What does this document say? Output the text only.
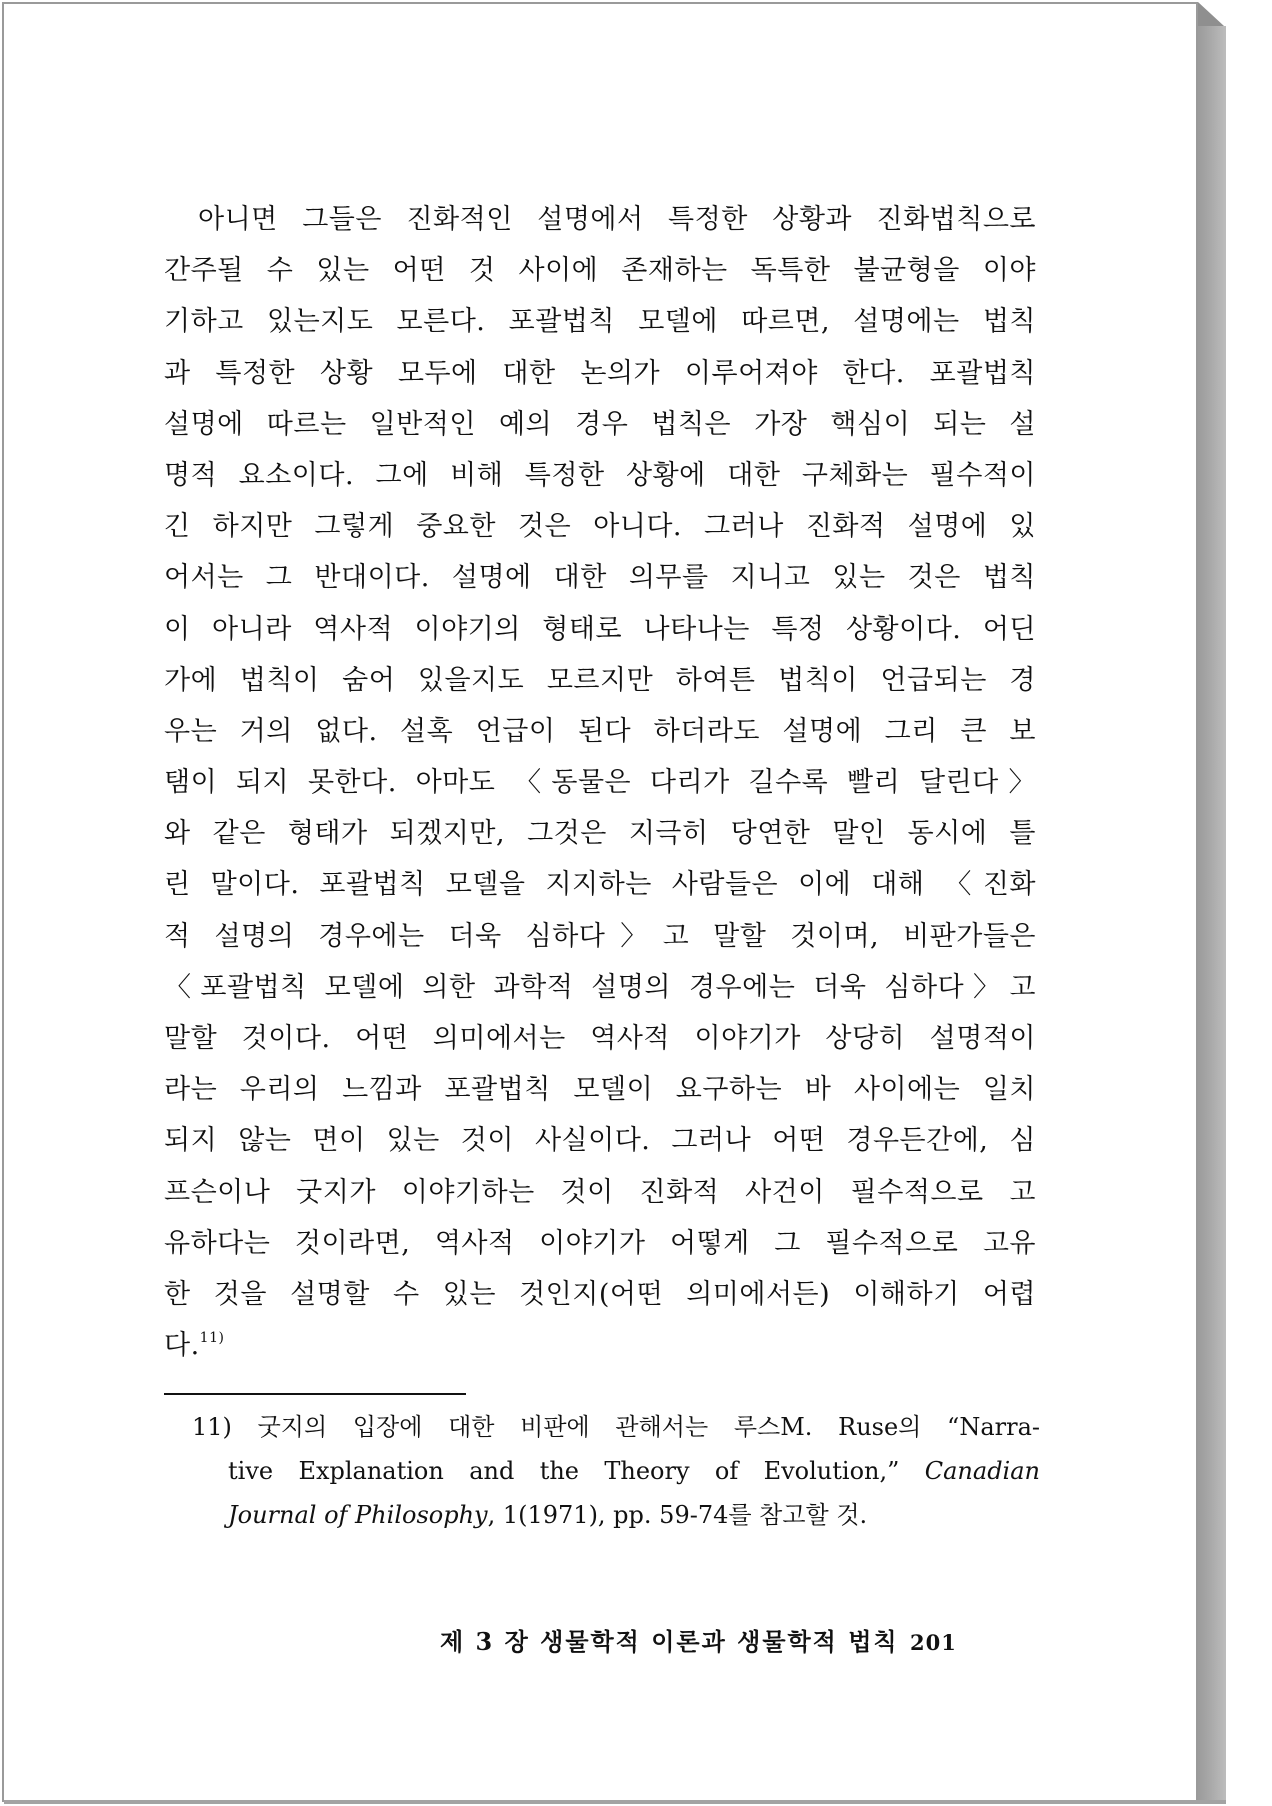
아니면 그들은 진화적인 설명에서 특정한 상황과 진화법칙으로
간주될 수 있는 어떤 것 사이에 존재하는 독특한 불균형을 이야
기하고 있는지도 모른다. 포괄법칙 모델에 따르면, 설명에는 법칙
과 특정한 상황 모두에 대한 논의가 이루어져야 한다. 포괄법칙
설명에 따르는 일반적인 예의 경우 법칙은 가장 핵심이 되는 설
명적 요소이다. 그에 비해 특정한 상황에 대한 구체화는 필수적이
긴 하지만 그렇게 중요한 것은 아니다. 그러나 진화적 설명에 있
어서는 그 반대이다. 설명에 대한 의무를 지니고 있는 것은 법칙
이 아니라 역사적 이야기의 형태로 나타나는 특정 상황이다. 어딘
가에 법칙이 숨어 있을지도 모르지만 하여튼 법칙이 언급되는 경
우는 거의 없다. 설혹 언급이 된다 하더라도 설명에 그리 큰 보
탬이 되지 못한다. 아마도 〈동물은 다리가 길수록 빨리 달린다〉
와 같은 형태가 되겠지만, 그것은 지극히 당연한 말인 동시에 틀
린 말이다. 포괄법칙 모델을 지지하는 사람들은 이에 대해 〈진화
적 설명의 경우에는 더욱 심하다〉고 말할 것이며, 비판가들은
〈포괄법칙 모델에 의한 과학적 설명의 경우에는 더욱 심하다〉고
말할 것이다. 어떤 의미에서는 역사적 이야기가 상당히 설명적이
라는 우리의 느낌과 포괄법칙 모델이 요구하는 바 사이에는 일치
되지 않는 면이 있는 것이 사실이다. 그러나 어떤 경우든간에, 심
프슨이나 굿지가 이야기하는 것이 진화적 사건이 필수적으로 고
유하다는 것이라면, 역사적 이야기가 어떻게 그 필수적으로 고유
한 것을 설명할 수 있는 것인지(어떤 의미에서든) 이해하기 어렵
다.$^{11)}$
11) 굿지의 입장에 대한 비판에 관해서는 루스M. Ruse의 “Narra-
tive Explanation and the Theory of Evolution,” Canadian
Journal of Philosophy, 1(1971), pp. 59-74를 참고할 것.
제 3 장 생물학적 이론과 생물학적 법칙 201
